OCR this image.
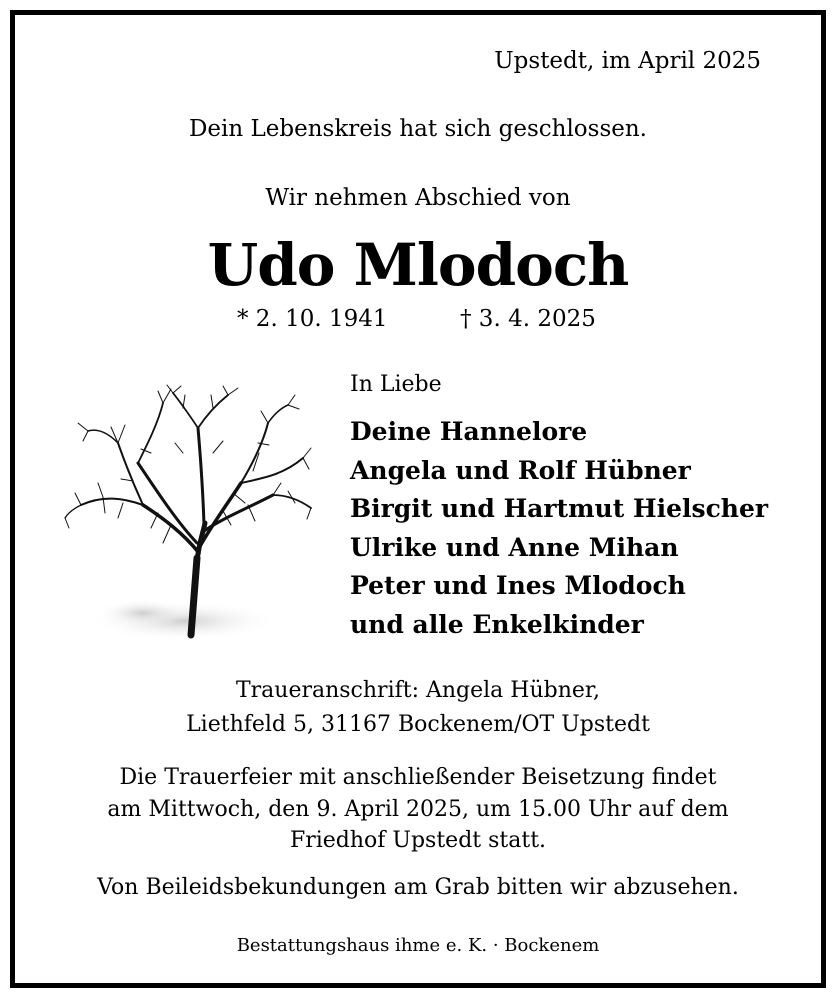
Upstedt, im April 2025
Dein Lebenskreis hat sich geschlossen.
Wir nehmen Abschied von
Udo Mlodoch
* 2. 10. 1941	† 3. 4. 2025
In Liebe
Deine Hannelore
Angela und Rolf Hübner
Birgit und Hartmut Hielscher
Ulrike und Anne Mihan
Peter und Ines Mlodoch
und alle Enkelkinder
Traueranschrift: Angela Hübner,
Liethfeld 5, 31167 Bockenem/OT Upstedt
Die Trauerfeier mit anschließender Beisetzung findet
am Mittwoch, den 9. April 2025, um 15.00 Uhr auf dem
Friedhof Upstedt statt.
Von Beileidsbekundungen am Grab bitten wir abzusehen.
Bestattungshaus ihme e. K. · Bockenem
